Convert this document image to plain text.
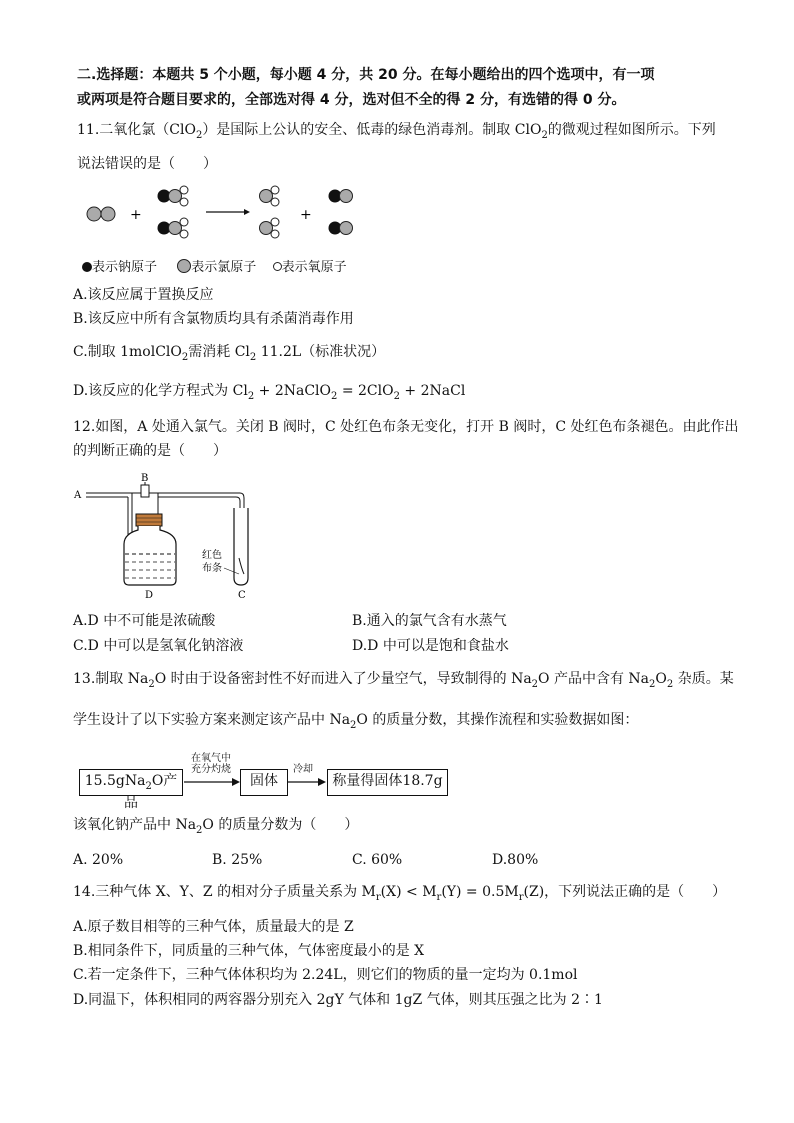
二.选择题：本题共 5 个小题，每小题 4 分，共 20 分。在每小题给出的四个选项中，有一项
或两项是符合题目要求的，全部选对得 4 分，选对但不全的得 2 分，有选错的得 0 分。
11.二氧化氯（ClO$_2$）是国际上公认的安全、低毒的绿色消毒剂。制取 ClO$_2$的微观过程如图所示。下列
说法错误的是（　　）
+	+
表示钠原子	表示氯原子 表示氧原子
A.该反应属于置换反应
B.该反应中所有含氯物质均具有杀菌消毒作用
C.制取 1molClO$_2$需消耗 $Cl_2$ 11.2L（标准状况）
D.该反应的化学方程式为 $Cl_2$ + 2NaClO$_2$ = 2ClO$_2$ + 2NaCl
12.如图，A 处通入氯气。关闭 B 阀时，C 处红色布条无变化，打开 B 阀时，C 处红色布条褪色。由此作出
的判断正确的是（　　）
A
B
D
红色
布条
C
A.D 中不可能是浓硫酸	B.通入的氯气含有水蒸气
C.D 中可以是氢氧化钠溶液	D.D 中可以是饱和食盐水
13.制取 $Na_2O$ 时由于设备密封性不好而进入了少量空气，导致制得的 $Na_2O$ 产品中含有 $Na_2O_2$ 杂质。某
学生设计了以下实验方案来测定该产品中 $Na_2O$ 的质量分数，其操作流程和实验数据如图：
15.5gNa$_2$O产品
在氧气中
充分灼烧
固体
冷却
称量得固体18.7g
该氧化钠产品中 $Na_2O$ 的质量分数为（　　）
A. 20%	B. 25%	C. 60%	D.80%
14.三种气体 X、Y、Z 的相对分子质量关系为 $M_r(X) < M_r(Y) = 0.5M_r(Z)$，下列说法正确的是（　　）
A.原子数目相等的三种气体，质量最大的是 Z
B.相同条件下，同质量的三种气体，气体密度最小的是 X
C.若一定条件下，三种气体体积均为 2.24L，则它们的物质的量一定均为 0.1mol
D.同温下，体积相同的两容器分别充入 2gY 气体和 1gZ 气体，则其压强之比为 2∶1
